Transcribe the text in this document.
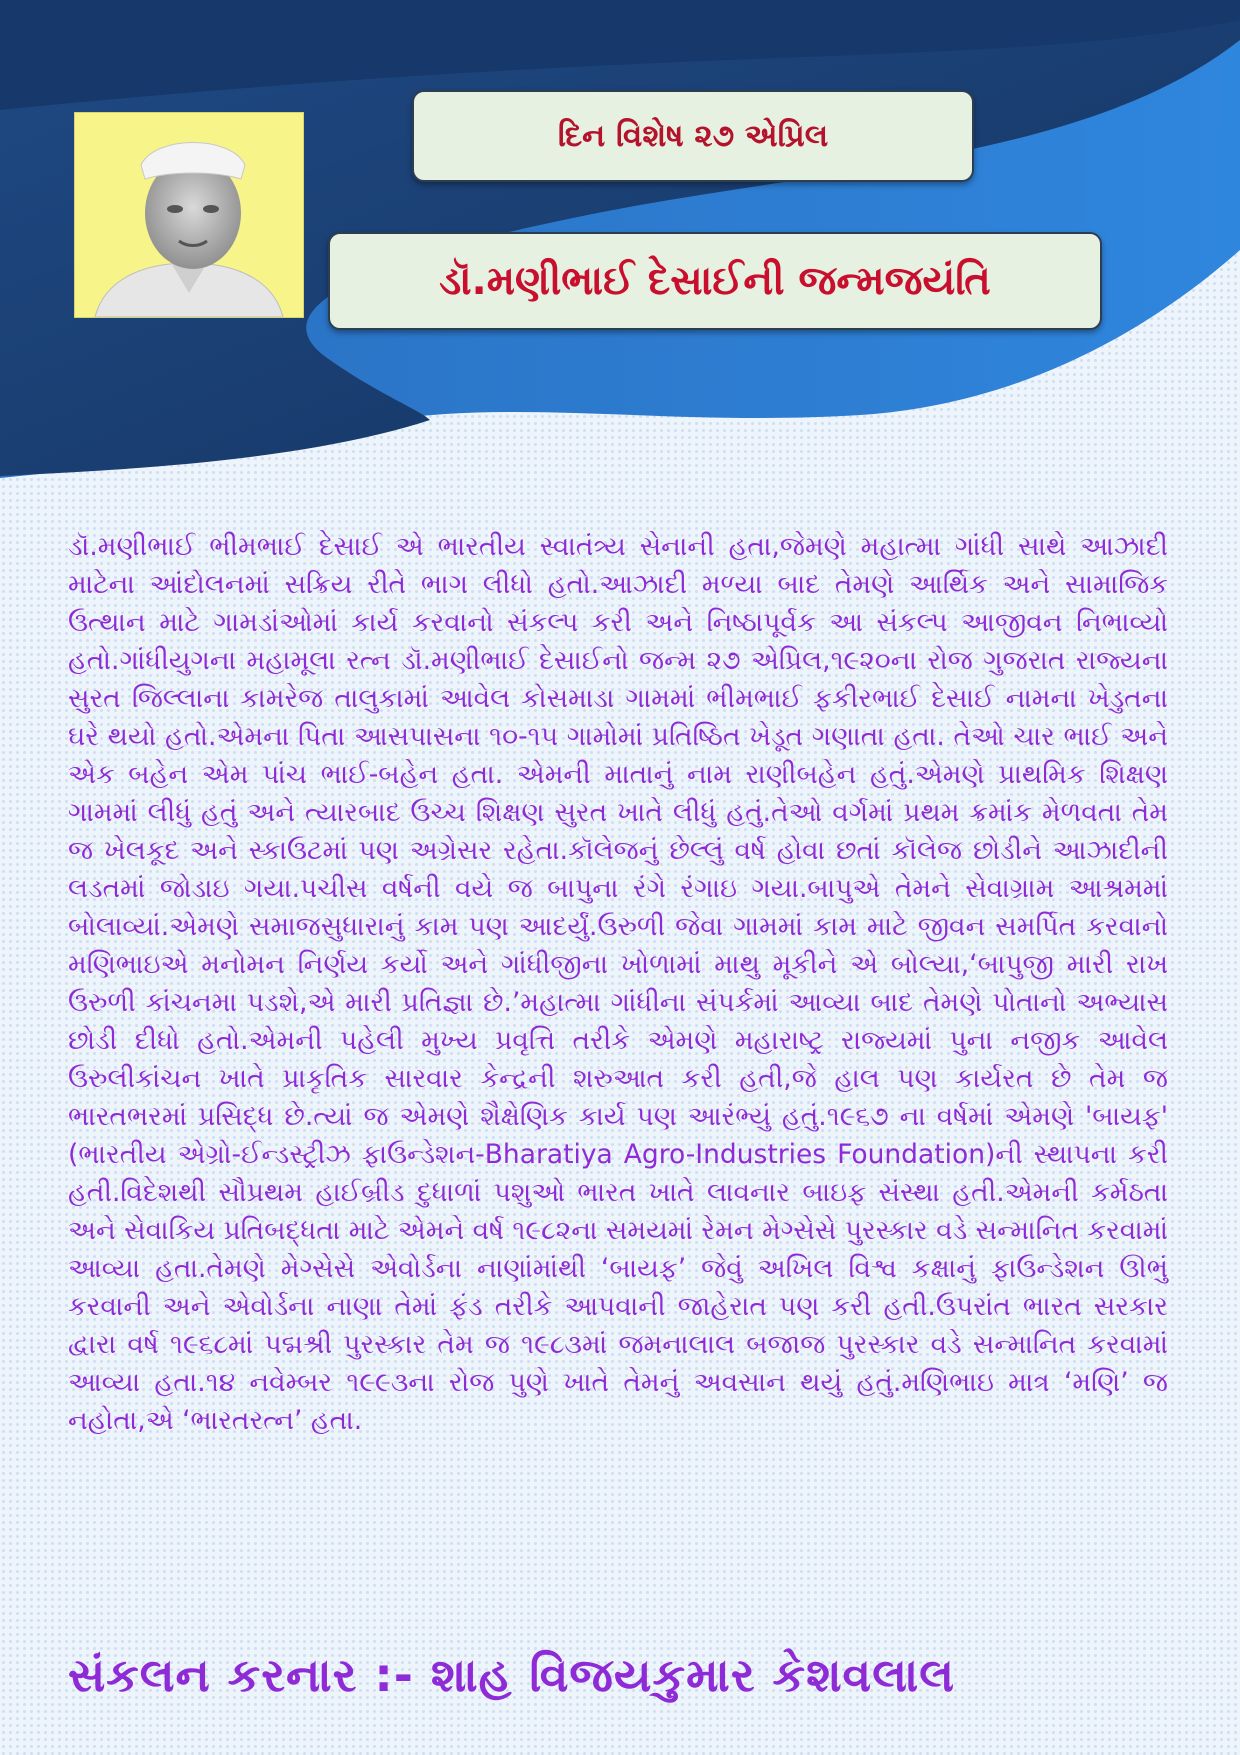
દિન વિશેષ ૨૭ એપ્રિલ
ડૉ.મણીભાઈ દેસાઈની જન્મજયંતિ

ડૉ.મણીભાઈ ભીમભાઈ દેસાઈ એ ભારતીય સ્વાતંત્ર્ય સેનાની હતા,જેમણે મહાત્મા ગાંધી સાથે આઝાદી માટેના આંદોલનમાં સક્રિય રીતે ભાગ લીધો હતો.આઝાદી મળ્યા બાદ તેમણે આર્થિક અને સામાજિક ઉત્થાન માટે ગામડાંઓમાં કાર્ય કરવાનો સંકલ્પ કરી અને નિષ્ઠાપૂર્વક આ સંકલ્પ આજીવન નિભાવ્યો હતો.ગાંધીયુગના મહામૂલા રત્ન ડૉ.મણીભાઈ દેસાઈનો જન્મ ૨૭ એપ્રિલ,૧૯૨૦ના રોજ ગુજરાત રાજ્યના સુરત જિલ્લાના કામરેજ તાલુકામાં આવેલ કોસમાડા ગામમાં ભીમભાઈ ફકીરભાઈ દેસાઈ નામના ખેડુતના ઘરે થયો હતો.એમના પિતા આસપાસના ૧૦-૧૫ ગામોમાં પ્રતિષ્ઠિત ખેડૂત ગણાતા હતા. તેઓ ચાર ભાઈ અને એક બહેન એમ પાંચ ભાઈ-બહેન હતા. એમની માતાનું નામ રાણીબહેન હતું.એમણે પ્રાથમિક શિક્ષણ ગામમાં લીધું હતું અને ત્યારબાદ ઉચ્ચ શિક્ષણ સુરત ખાતે લીધું હતું.તેઓ વર્ગમાં પ્રથમ ક્રમાંક મેળવતા તેમ જ ખેલકૂદ અને સ્કાઉટમાં પણ અગ્રેસર રહેતા.કૉલેજનું છેલ્લું વર્ષ હોવા છતાં કૉલેજ છોડીને આઝાદીની લડતમાં જોડાઇ ગયા.પચીસ વર્ષની વયે જ બાપુના રંગે રંગાઇ ગયા.બાપુએ તેમને સેવાગ્રામ આશ્રમમાં બોલાવ્યાં.એમણે સમાજસુધારાનું કામ પણ આદર્યું.ઉરુળી જેવા ગામમાં કામ માટે જીવન સમર્પિત કરવાનો મણિભાઇએ મનોમન નિર્ણય કર્યો અને ગાંધીજીના ખોળામાં માથુ મૂકીને એ બોલ્યા,‘બાપુજી મારી રાખ ઉરુળી કાંચનમા પડશે,એ મારી પ્રતિજ્ઞા છે.’મહાત્મા ગાંધીના સંપર્કમાં આવ્યા બાદ તેમણે પોતાનો અભ્યાસ છોડી દીધો હતો.એમની પહેલી મુખ્ય પ્રવૃત્તિ તરીકે એમણે મહારાષ્ટ્ર રાજ્યમાં પુના નજીક આવેલ ઉરુલીકાંચન ખાતે પ્રાકૃતિક સારવાર કેન્દ્રની શરુઆત કરી હતી,જે હાલ પણ કાર્યરત છે તેમ જ ભારતભરમાં પ્રસિદ્ધ છે.ત્યાં જ એમણે શૈક્ષેણિક કાર્ય પણ આરંભ્યું હતું.૧૯૬૭ ના વર્ષમાં એમણે 'બાયફ' (ભારતીય એગ્રો-ઈન્ડસ્ટ્રીઝ ફાઉન્ડેશન-Bharatiya Agro-Industries Foundation)ની સ્થાપના કરી હતી.વિદેશથી સૌપ્રથમ હાઈબ્રીડ દુધાળાં પશુઓ ભારત ખાતે લાવનાર બાઇફ સંસ્થા હતી.એમની કર્મઠતા અને સેવાકિય પ્રતિબદ્ધતા માટે એમને વર્ષ ૧૯૮૨ના સમયમાં રેમન મેગ્સેસે પુરસ્કાર વડે સન્માનિત કરવામાં આવ્યા હતા.તેમણે મેગ્સેસે એવોર્ડના નાણાંમાંથી ‘બાયફ’ જેવું અખિલ વિશ્વ કક્ષાનું ફાઉન્ડેશન ઊભું કરવાની અને એવોર્ડના નાણા તેમાં ફંડ તરીકે આપવાની જાહેરાત પણ કરી હતી.ઉપરાંત ભારત સરકાર દ્વારા વર્ષ ૧૯૬૮માં પદ્મશ્રી પુરસ્કાર તેમ જ ૧૯૮૩માં જમનાલાલ બજાજ પુરસ્કાર વડે સન્માનિત કરવામાં આવ્યા હતા.૧૪ નવેમ્બર ૧૯૯૩ના રોજ પુણે ખાતે તેમનું અવસાન થયું હતું.મણિભાઇ માત્ર ‘મણિ’ જ નહોતા,એ ‘ભારતરત્ન’ હતા.

સંકલન કરનાર :- શાહ વિજયકુમાર કેશવલાલ
